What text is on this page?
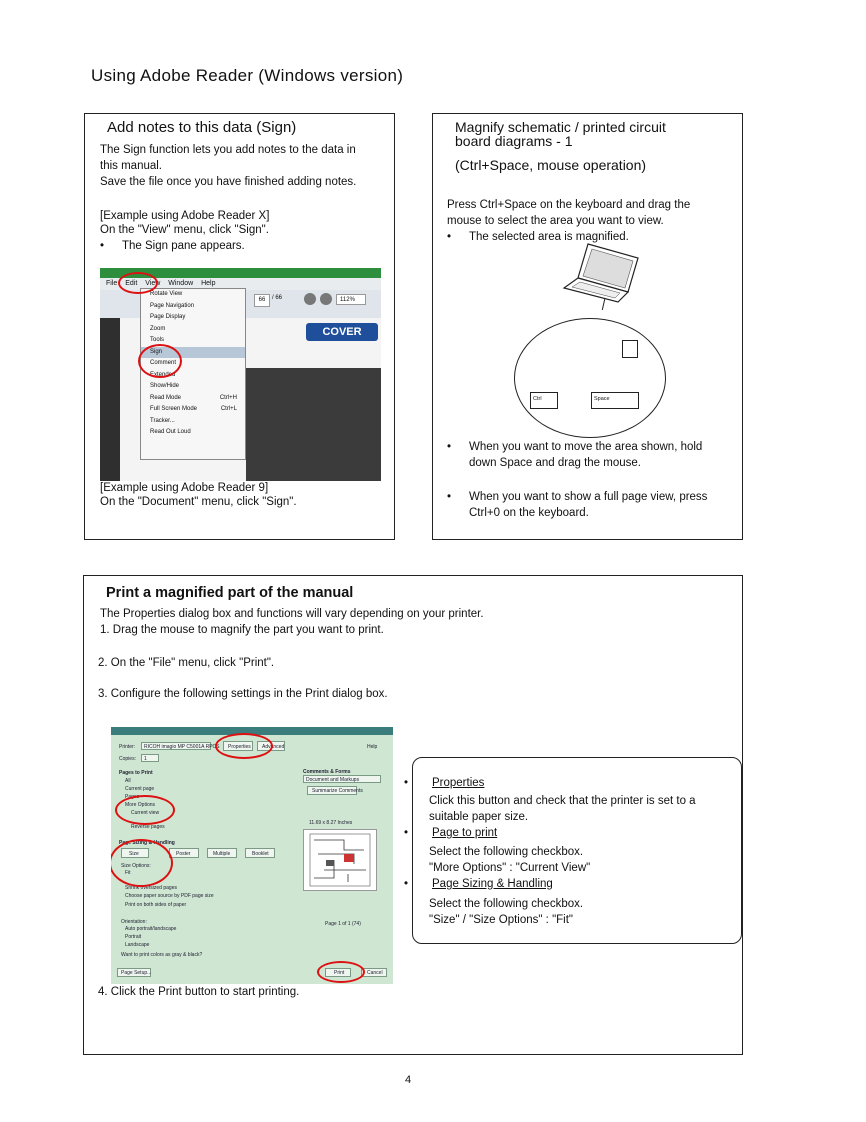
Using Adobe Reader (Windows version)
Add notes to this data (Sign)
The Sign function lets you add notes to the data in
this manual.
Save the file once you have finished adding notes.
[Example using Adobe Reader X]
On the "View" menu, click "Sign".
• The Sign pane appears.
File Edit View Window Help
66	/ 66	112%
COVER
Rotate View
Page Navigation
Page Display
Zoom
Tools
Sign
Comment
Extended
Show/Hide
Read Mode	Ctrl+H
Full Screen Mode	Ctrl+L
Tracker...
Read Out Loud
[Example using Adobe Reader 9]
On the "Document" menu, click "Sign".
Magnify schematic / printed circuit
board diagrams - 1
(Ctrl+Space, mouse operation)
Press Ctrl+Space on the keyboard and drag the
mouse to select the area you want to view.
• The selected area is magnified.
Ctrl	Space
• When you want to move the area shown, hold
down Space and drag the mouse.
• When you want to show a full page view, press
Ctrl+0 on the keyboard.
Print a magnified part of the manual
The Properties dialog box and functions will vary depending on your printer.
1. Drag the mouse to magnify the part you want to print.
2. On the "File" menu, click "Print".
3. Configure the following settings in the Print dialog box.
Printer: RICOH imagio MP C5001A RPCS Properties Advanced	Help
Copies: 1
Pages to Print
All
Current page
Pages
More Options
Current view
Reverse pages
Page Sizing & Handling
Size	Poster	Multiple	Booklet
Size Options:
Fit
Shrink oversized pages
Choose paper source by PDF page size
Print on both sides of paper
Orientation:
Auto portrait/landscape
Portrait
Landscape
Want to print colors as gray & black?
Comments & Forms
Document and Markups
Summarize Comments
11.69 x 8.27 Inches
Page 1 of 1 (74)
Page Setup...	Print	Cancel
Properties
Click this button and check that the printer is set to a
suitable paper size.
Page to print
Select the following checkbox.
"More Options" : "Current View"
Page Sizing & Handling
Select the following checkbox.
"Size" / "Size Options" : "Fit"
4. Click the Print button to start printing.
4
